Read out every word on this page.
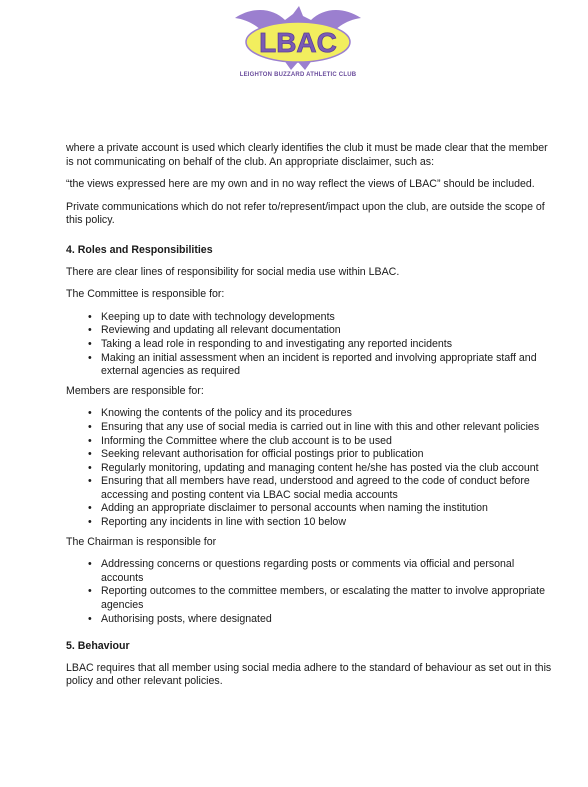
LBAC
LEIGHTON BUZZARD ATHLETIC CLUB

where a private account is used which clearly identifies the club it must be made clear that the member is not communicating on behalf of the club. An appropriate disclaimer, such as:

“the views expressed here are my own and in no way reflect the views of LBAC” should be included.

Private communications which do not refer to/represent/impact upon the club, are outside the scope of this policy.

4. Roles and Responsibilities

There are clear lines of responsibility for social media use within LBAC.

The Committee is responsible for:

• Keeping up to date with technology developments
• Reviewing and updating all relevant documentation
• Taking a lead role in responding to and investigating any reported incidents
• Making an initial assessment when an incident is reported and involving appropriate staff and external agencies as required

Members are responsible for:

• Knowing the contents of the policy and its procedures
• Ensuring that any use of social media is carried out in line with this and other relevant policies
• Informing the Committee where the club account is to be used
• Seeking relevant authorisation for official postings prior to publication
• Regularly monitoring, updating and managing content he/she has posted via the club account
• Ensuring that all members have read, understood and agreed to the code of conduct before accessing and posting content via LBAC social media accounts
• Adding an appropriate disclaimer to personal accounts when naming the institution
• Reporting any incidents in line with section 10 below

The Chairman is responsible for

• Addressing concerns or questions regarding posts or comments via official and personal accounts
• Reporting outcomes to the committee members, or escalating the matter to involve appropriate agencies
• Authorising posts, where designated
5. Behaviour

LBAC requires that all member using social media adhere to the standard of behaviour as set out in this policy and other relevant policies.
